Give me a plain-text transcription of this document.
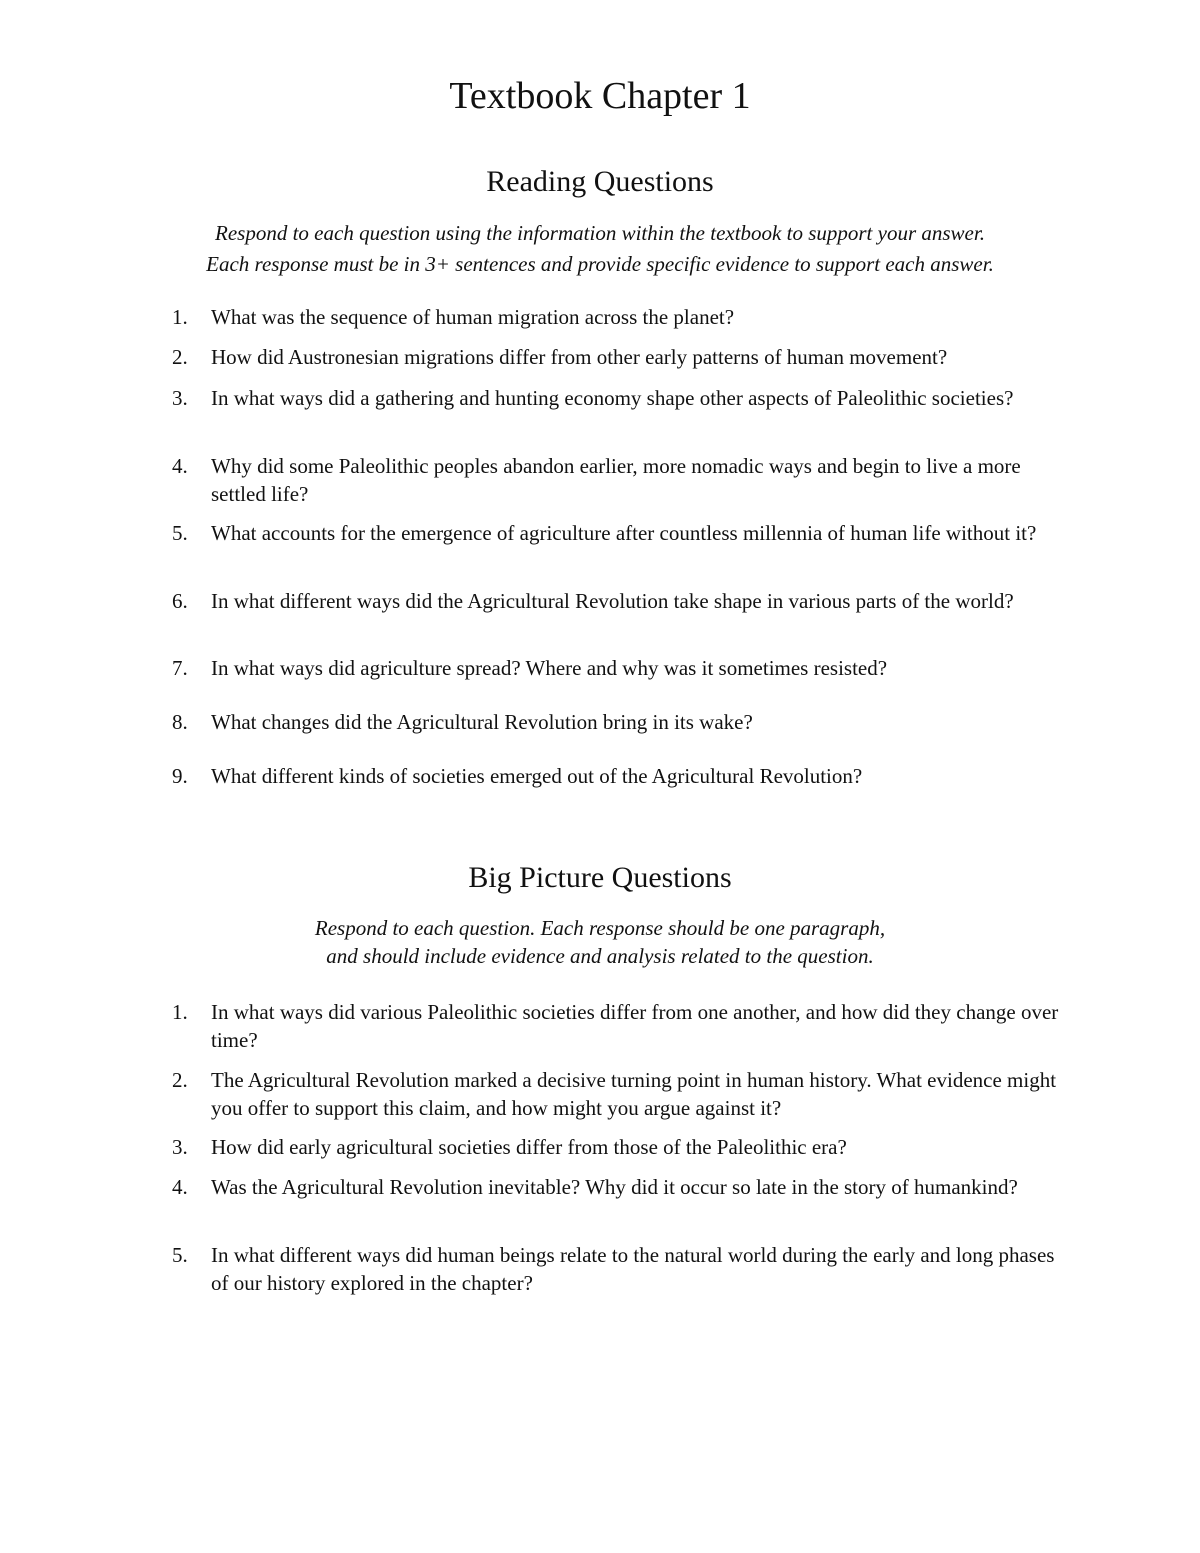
Textbook Chapter 1
Reading Questions

Respond to each question using the information within the textbook to support your answer.
Each response must be in 3+ sentences and provide specific evidence to support each answer.

1.	What was the sequence of human migration across the planet?
2.	How did Austronesian migrations differ from other early patterns of human movement?
3.	In what ways did a gathering and hunting economy shape other aspects of Paleolithic societies?
4.	Why did some Paleolithic peoples abandon earlier, more nomadic ways and begin to live a more settled life?
5.	What accounts for the emergence of agriculture after countless millennia of human life without it?
6.	In what different ways did the Agricultural Revolution take shape in various parts of the world?
7.	In what ways did agriculture spread? Where and why was it sometimes resisted?
8.	What changes did the Agricultural Revolution bring in its wake?
9.	What different kinds of societies emerged out of the Agricultural Revolution?
Big Picture Questions

Respond to each question. Each response should be one paragraph,
and should include evidence and analysis related to the question.

1.	In what ways did various Paleolithic societies differ from one another, and how did they change over time?
2.	The Agricultural Revolution marked a decisive turning point in human history. What evidence might you offer to support this claim, and how might you argue against it?
3.	How did early agricultural societies differ from those of the Paleolithic era?
4.	Was the Agricultural Revolution inevitable? Why did it occur so late in the story of humankind?
5.	In what different ways did human beings relate to the natural world during the early and long phases of our history explored in the chapter?
